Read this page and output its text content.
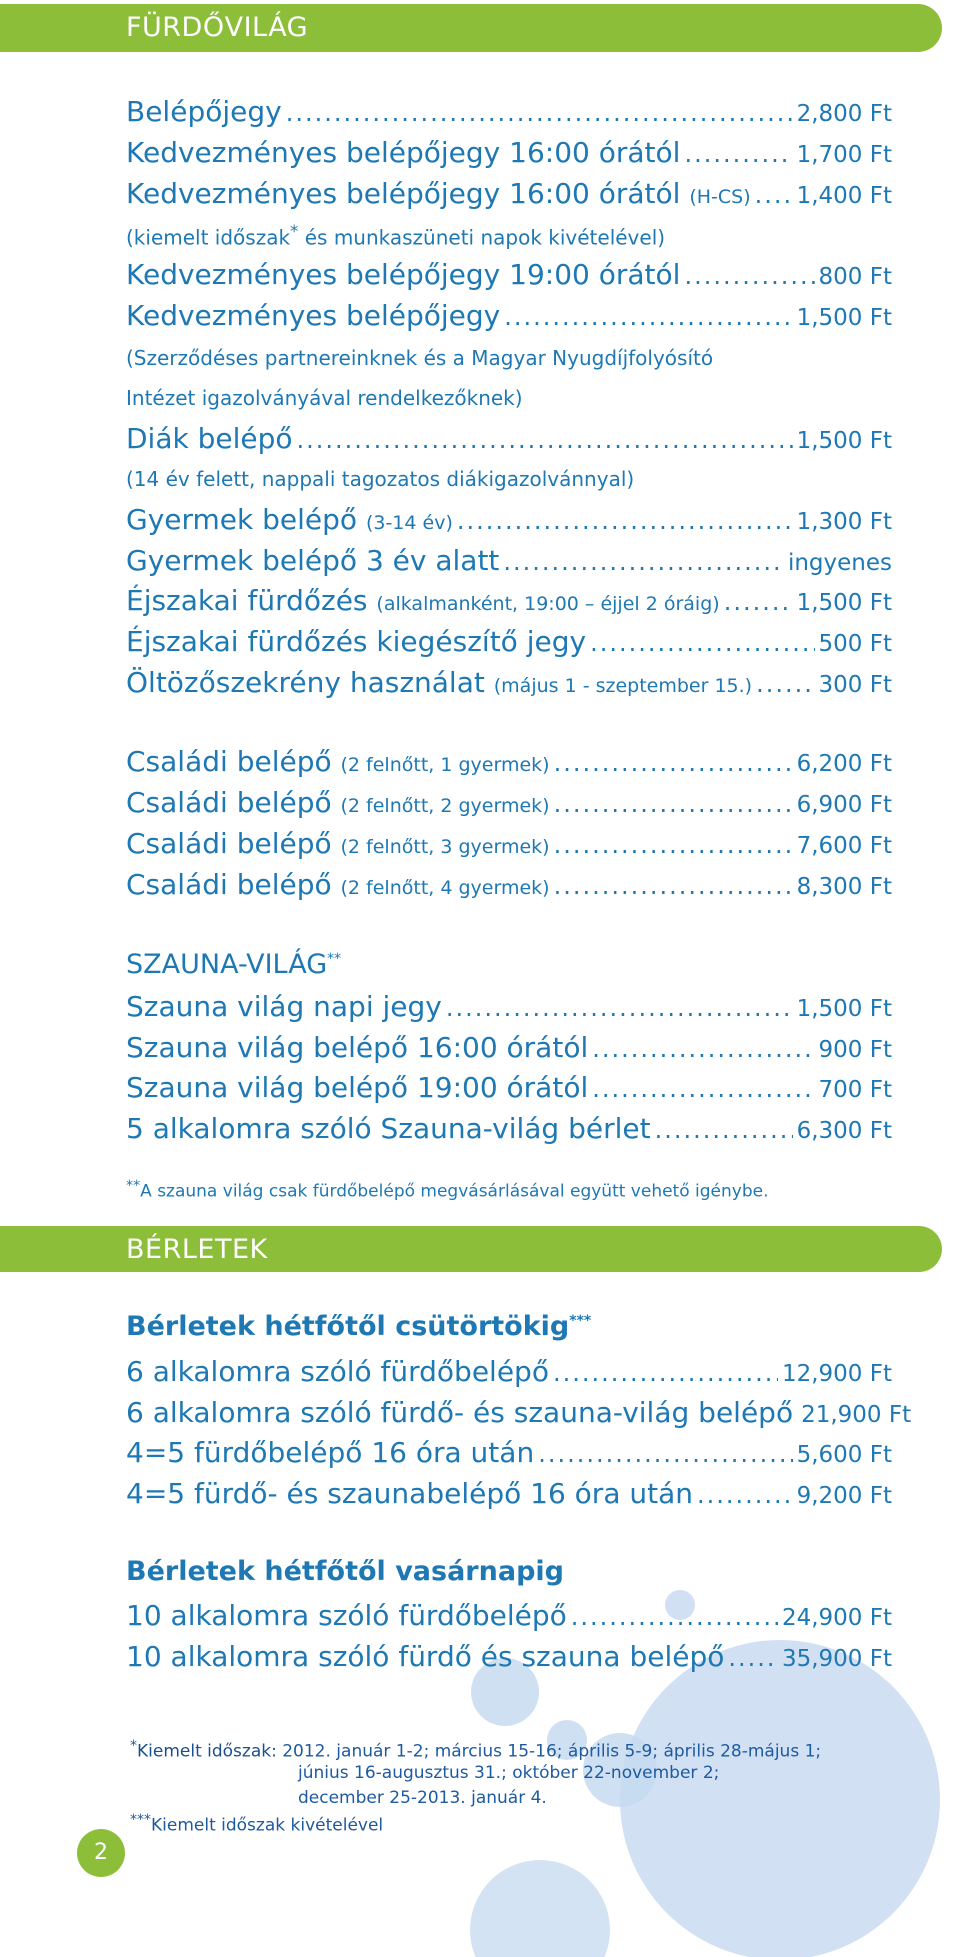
FÜRDŐVILÁG
Belépőjegy .....	2,800 Ft
Kedvezményes belépőjegy 16:00 órától .....	1,700 Ft
Kedvezményes belépőjegy 16:00 órától (H-CS) ..... 1,400 Ft
(kiemelt időszak* és munkaszüneti napok kivételével)
Kedvezményes belépőjegy 19:00 órától .....	800 Ft
Kedvezményes belépőjegy .....	1,500 Ft
(Szerződéses partnereinknek és a Magyar Nyugdíjfolyósító
Intézet igazolványával rendelkezőknek)
Diák belépő .....	1,500 Ft
(14 év felett, nappali tagozatos diákigazolvánnyal)
Gyermek belépő (3-14 év) .....	1,300 Ft
Gyermek belépő 3 év alatt .....	ingyenes
Éjszakai fürdőzés (alkalmanként, 19:00 – éjjel 2 óráig) .....	1,500 Ft
Éjszakai fürdőzés kiegészítő jegy .....	500 Ft
Öltözőszekrény használat (május 1 - szeptember 15.) .....	300 Ft
Családi belépő (2 felnőtt, 1 gyermek) .....	6,200 Ft
Családi belépő (2 felnőtt, 2 gyermek) .....	6,900 Ft
Családi belépő (2 felnőtt, 3 gyermek) .....	7,600 Ft
Családi belépő (2 felnőtt, 4 gyermek) .....	8,300 Ft
SZAUNA-VILÁG**
Szauna világ napi jegy .....	1,500 Ft
Szauna világ belépő 16:00 órától .....	900 Ft
Szauna világ belépő 19:00 órától .....	700 Ft
5 alkalomra szóló Szauna-világ bérlet .....	6,300 Ft
**A szauna világ csak fürdőbelépő megvásárlásával együtt vehető igénybe.
BÉRLETEK
Bérletek hétfőtől csütörtökig***
6 alkalomra szóló fürdőbelépő .....	12,900 Ft
6 alkalomra szóló fürdő- és szauna-világ belépő 21,900 Ft
4=5 fürdőbelépő 16 óra után .....	5,600 Ft
4=5 fürdő- és szaunabelépő 16 óra után .....	9,200 Ft
Bérletek hétfőtől vasárnapig
10 alkalomra szóló fürdőbelépő .....	24,900 Ft
10 alkalomra szóló fürdő és szauna belépő .....	35,900 Ft
*Kiemelt időszak: 2012. január 1-2; március 15-16; április 5-9; április 28-május 1;
június 16-augusztus 31.; október 22-november 2;
december 25-2013. január 4.
***Kiemelt időszak kivételével
2
